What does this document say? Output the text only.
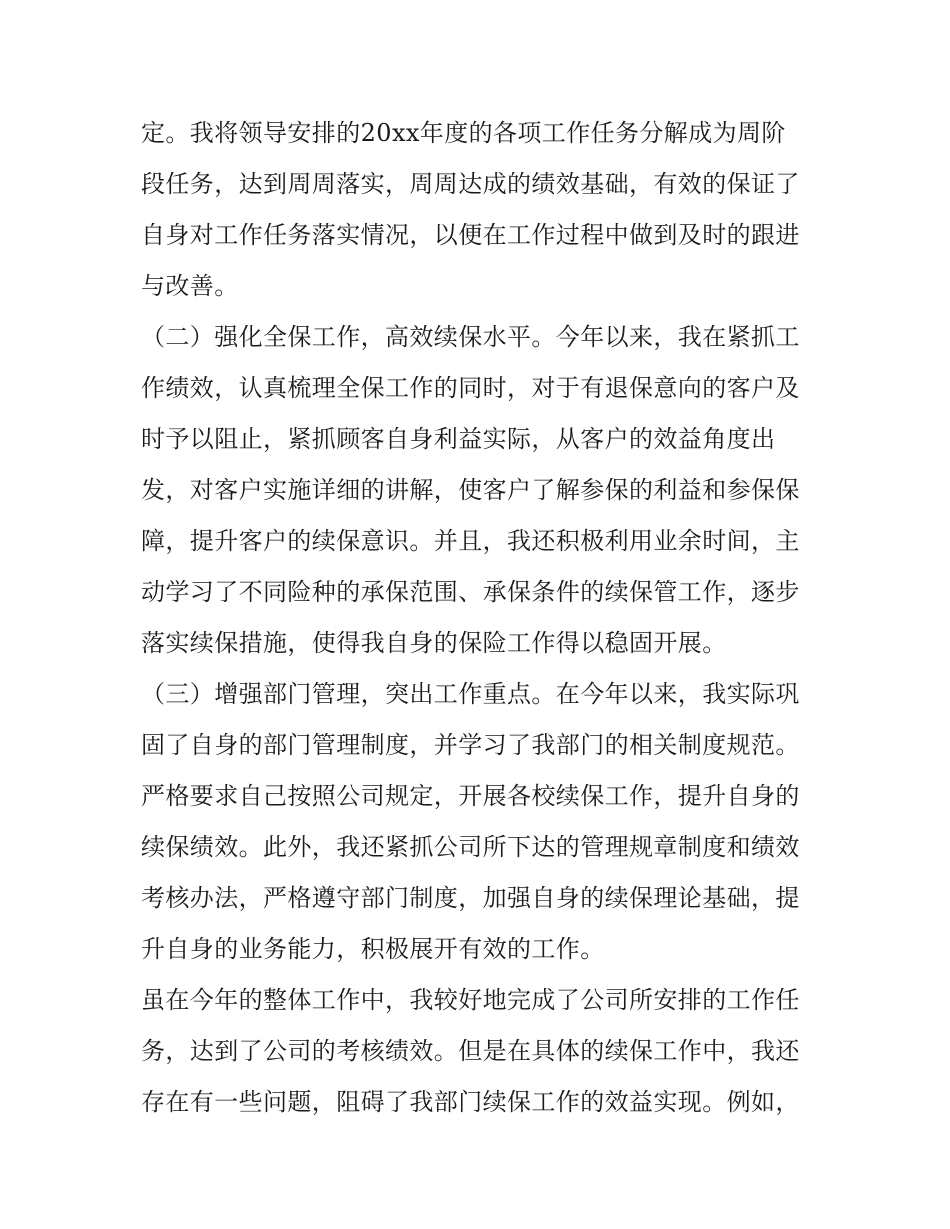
定。我将领导安排的20xx年度的各项工作任务分解成为周阶
段任务，达到周周落实，周周达成的绩效基础，有效的保证了
自身对工作任务落实情况，以便在工作过程中做到及时的跟进
与改善。
（二）强化全保工作，高效续保水平。今年以来，我在紧抓工
作绩效，认真梳理全保工作的同时，对于有退保意向的客户及
时予以阻止，紧抓顾客自身利益实际，从客户的效益角度出
发，对客户实施详细的讲解，使客户了解参保的利益和参保保
障，提升客户的续保意识。并且，我还积极利用业余时间，主
动学习了不同险种的承保范围、承保条件的续保管工作，逐步
落实续保措施，使得我自身的保险工作得以稳固开展。
（三）增强部门管理，突出工作重点。在今年以来，我实际巩
固了自身的部门管理制度，并学习了我部门的相关制度规范。
严格要求自己按照公司规定，开展各校续保工作，提升自身的
续保绩效。此外，我还紧抓公司所下达的管理规章制度和绩效
考核办法，严格遵守部门制度，加强自身的续保理论基础，提
升自身的业务能力，积极展开有效的工作。
虽在今年的整体工作中，我较好地完成了公司所安排的工作任
务，达到了公司的考核绩效。但是在具体的续保工作中，我还
存在有一些问题，阻碍了我部门续保工作的效益实现。例如，
